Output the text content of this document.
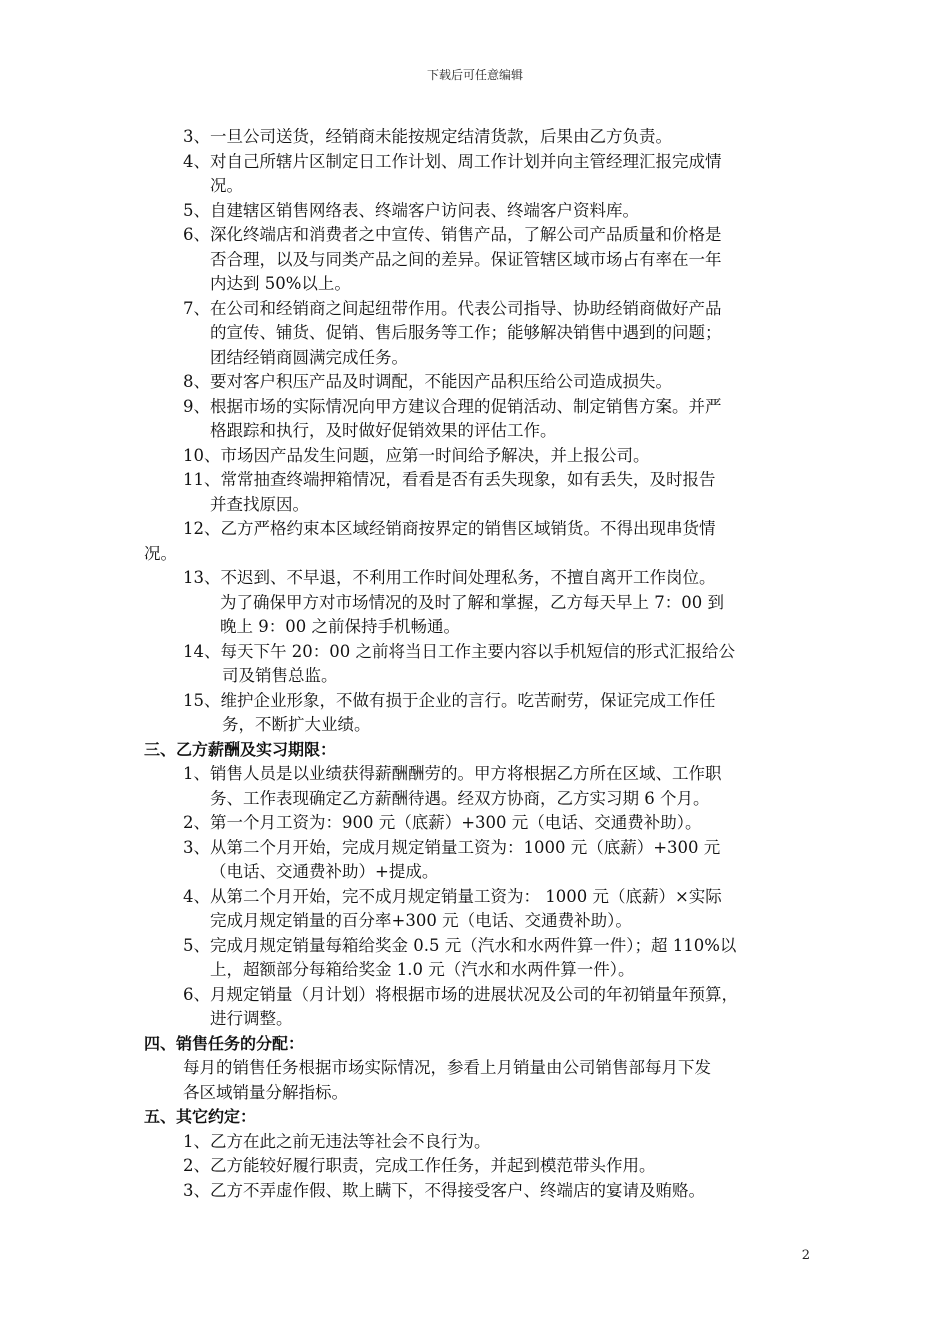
下载后可任意编辑
3、一旦公司送货，经销商未能按规定结清货款，后果由乙方负责。
4、对自己所辖片区制定日工作计划、周工作计划并向主管经理汇报完成情
况。
5、自建辖区销售网络表、终端客户访问表、终端客户资料库。
6、深化终端店和消费者之中宣传、销售产品，了解公司产品质量和价格是
否合理，以及与同类产品之间的差异。保证管辖区域市场占有率在一年
内达到 50%以上。
7、在公司和经销商之间起纽带作用。代表公司指导、协助经销商做好产品
的宣传、铺货、促销、售后服务等工作；能够解决销售中遇到的问题；
团结经销商圆满完成任务。
8、要对客户积压产品及时调配，不能因产品积压给公司造成损失。
9、根据市场的实际情况向甲方建议合理的促销活动、制定销售方案。并严
格跟踪和执行，及时做好促销效果的评估工作。
10、市场因产品发生问题，应第一时间给予解决，并上报公司。
11、常常抽查终端押箱情况，看看是否有丢失现象，如有丢失，及时报告
并查找原因。
12、乙方严格约束本区域经销商按界定的销售区域销货。不得出现串货情
况。
13、不迟到、不早退，不利用工作时间处理私务，不擅自离开工作岗位。
为了确保甲方对市场情况的及时了解和掌握，乙方每天早上 7：00 到
晚上 9：00 之前保持手机畅通。
14、每天下午 20：00 之前将当日工作主要内容以手机短信的形式汇报给公
司及销售总监。
15、维护企业形象，不做有损于企业的言行。吃苦耐劳，保证完成工作任
务，不断扩大业绩。
三、乙方薪酬及实习期限：
1、销售人员是以业绩获得薪酬酬劳的。甲方将根据乙方所在区域、工作职
务、工作表现确定乙方薪酬待遇。经双方协商，乙方实习期 6 个月。
2、第一个月工资为：900 元（底薪）+300 元（电话、交通费补助）。
3、从第二个月开始，完成月规定销量工资为：1000 元（底薪）+300 元
（电话、交通费补助）+提成。
4、从第二个月开始，完不成月规定销量工资为： 1000 元（底薪）×实际
完成月规定销量的百分率+300 元（电话、交通费补助）。
5、完成月规定销量每箱给奖金 0.5 元（汽水和水两件算一件）；超 110%以
上，超额部分每箱给奖金 1.0 元（汽水和水两件算一件）。
6、月规定销量（月计划）将根据市场的进展状况及公司的年初销量年预算，
进行调整。
四、销售任务的分配：
每月的销售任务根据市场实际情况，参看上月销量由公司销售部每月下发
各区域销量分解指标。
五、其它约定：
1、乙方在此之前无违法等社会不良行为。
2、乙方能较好履行职责，完成工作任务，并起到模范带头作用。
3、乙方不弄虚作假、欺上瞒下，不得接受客户、终端店的宴请及贿赂。
2
